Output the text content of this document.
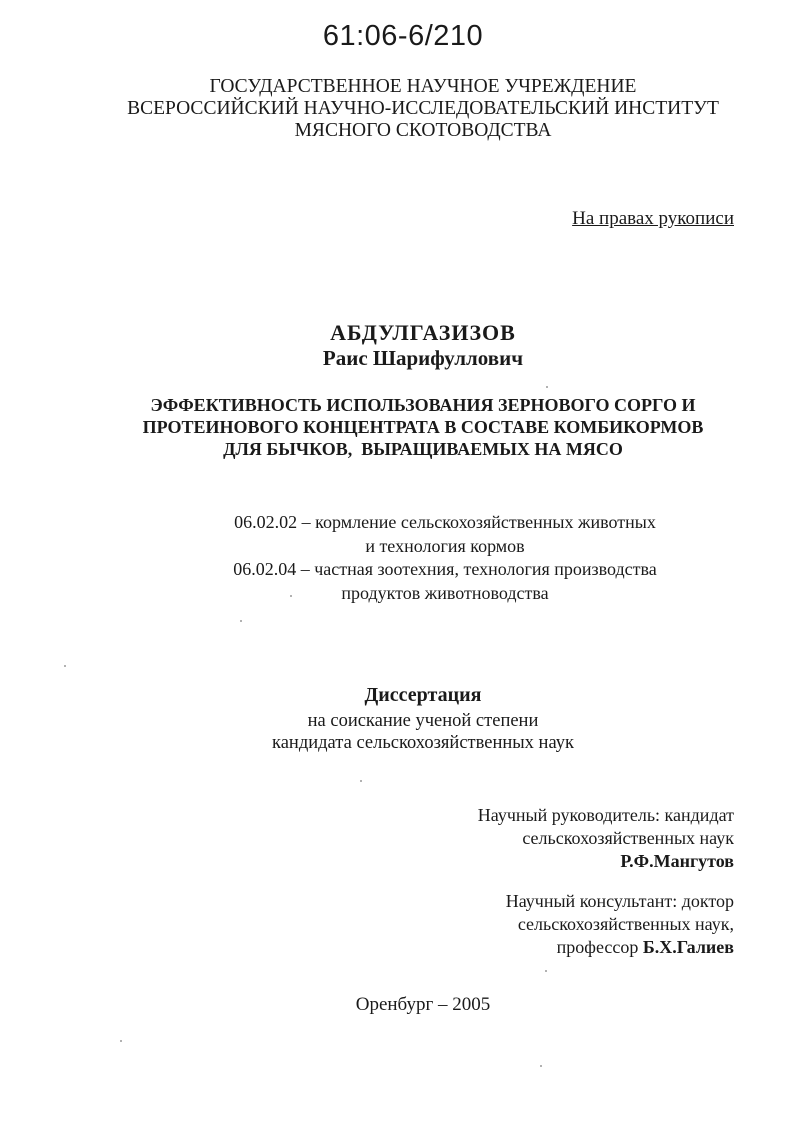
61:06-6/210
ГОСУДАРСТВЕННОЕ НАУЧНОЕ УЧРЕЖДЕНИЕ
ВСЕРОССИЙСКИЙ НАУЧНО-ИССЛЕДОВАТЕЛЬСКИЙ ИНСТИТУТ
МЯСНОГО СКОТОВОДСТВА
На правах рукописи
АБДУЛГАЗИЗОВ
Раис Шарифуллович
ЭФФЕКТИВНОСТЬ ИСПОЛЬЗОВАНИЯ ЗЕРНОВОГО СОРГО И
ПРОТЕИНОВОГО КОНЦЕНТРАТА В СОСТАВЕ КОМБИКОРМОВ
ДЛЯ БЫЧКОВ,  ВЫРАЩИВАЕМЫХ НА МЯСО
06.02.02 – кормление сельскохозяйственных животных
и технология кормов
06.02.04 – частная зоотехния, технология производства
продуктов животноводства
Диссертация
на соискание ученой степени
кандидата сельскохозяйственных наук
Научный руководитель: кандидат
сельскохозяйственных наук
Р.Ф.Мангутов
Научный консультант: доктор
сельскохозяйственных наук,
профессор Б.Х.Галиев
Оренбург – 2005
